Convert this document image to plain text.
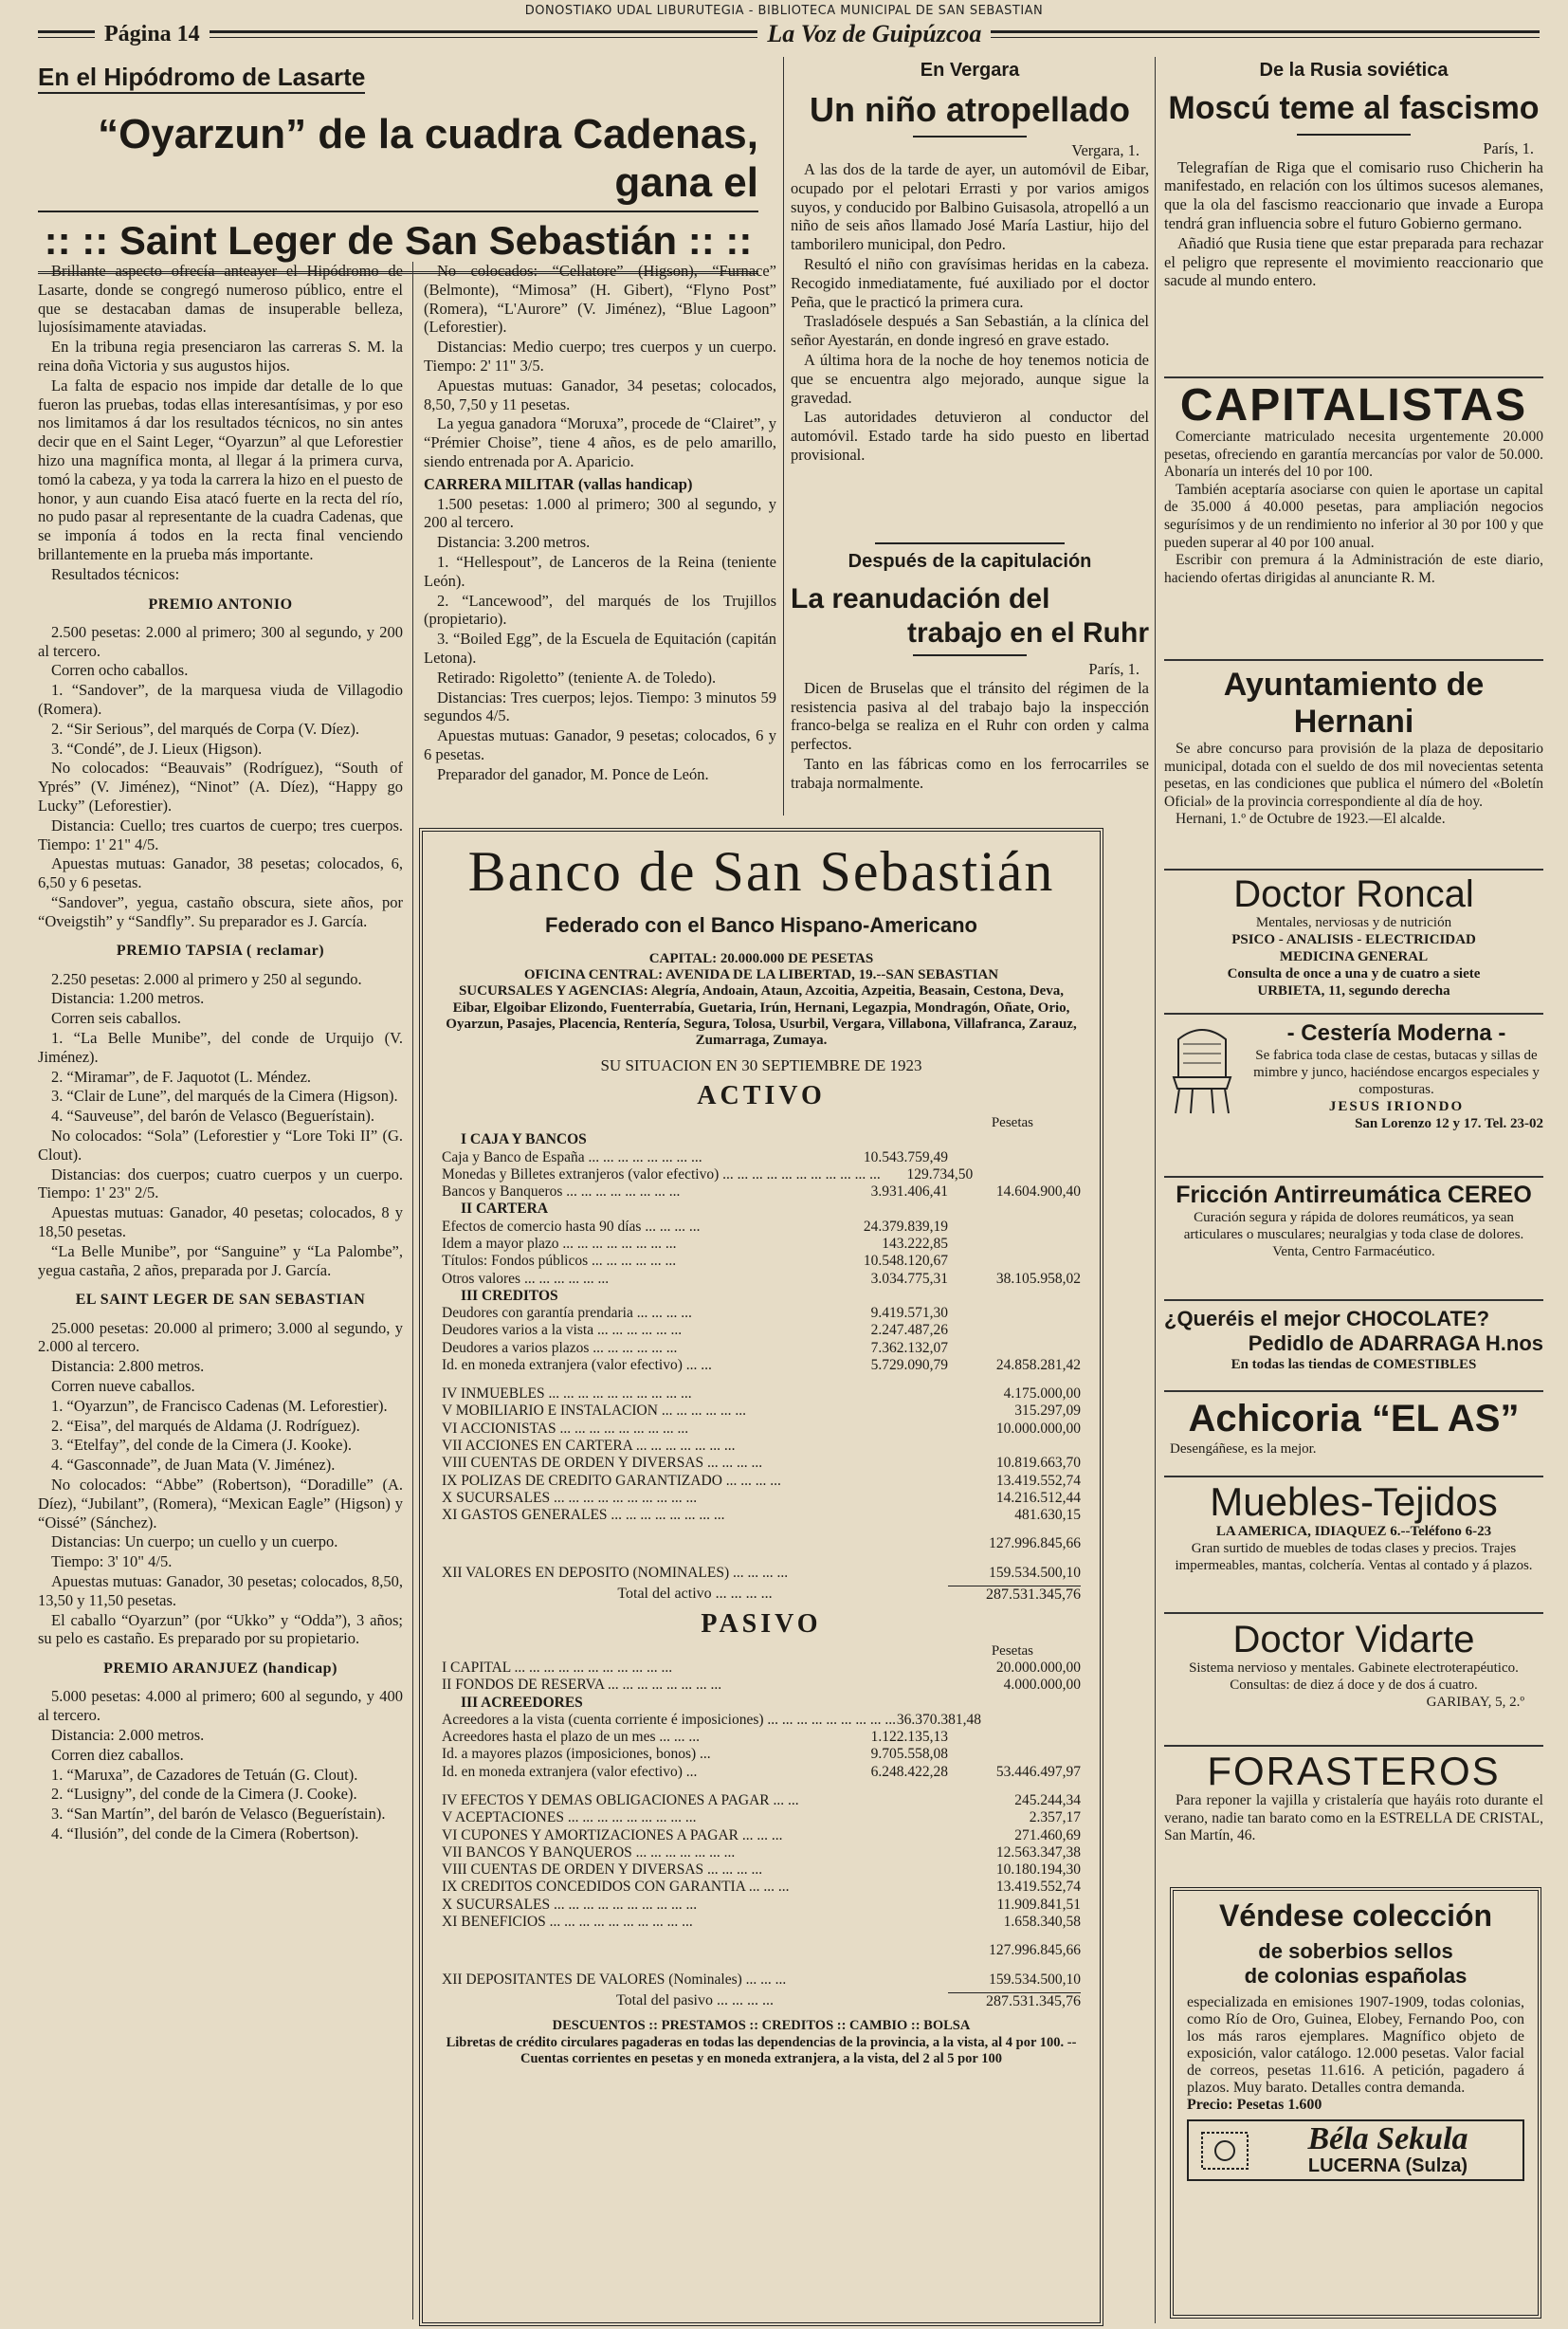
DONOSTIAKO UDAL LIBURUTEGIA - BIBLIOTECA MUNICIPAL DE SAN SEBASTIAN
Página 14	La Voz de Guipúzcoa
En el Hipódromo de Lasarte
“Oyarzun” de la cuadra Cadenas, gana el
:: :: Saint Leger de San Sebastián :: ::

Brillante aspecto ofrecía anteayer el Hipódromo de Lasarte, donde se congregó numeroso público, entre el que se destacaban damas de insuperable belleza, lujosísimamente ataviadas.

En la tribuna regia presenciaron las carreras S. M. la reina doña Victoria y sus augustos hijos.

La falta de espacio nos impide dar detalle de lo que fueron las pruebas, todas ellas interesantísimas, y por eso nos limitamos á dar los resultados técnicos, no sin antes decir que en el Saint Leger, “Oyarzun” al que Leforestier hizo una magnífica monta, al llegar á la primera curva, tomó la cabeza, y ya toda la carrera la hizo en el puesto de honor, y aun cuando Eisa atacó fuerte en la recta del río, no pudo pasar al representante de la cuadra Cadenas, que se imponía á todos en la recta final venciendo brillantemente en la prueba más importante.

Resultados técnicos:

PREMIO ANTONIO

2.500 pesetas: 2.000 al primero; 300 al segundo, y 200 al tercero.

Corren ocho caballos.

1. “Sandover”, de la marquesa viuda de Villagodio (Romera).

2. “Sir Serious”, del marqués de Corpa (V. Díez).

3. “Condé”, de J. Lieux (Higson).

No colocados: “Beauvais” (Rodríguez), “South of Yprés” (V. Jiménez), “Ninot” (A. Díez), “Happy go Lucky” (Leforestier).

Distancia: Cuello; tres cuartos de cuerpo; tres cuerpos. Tiempo: 1' 21" 4/5.

Apuestas mutuas: Ganador, 38 pesetas; colocados, 6, 6,50 y 6 pesetas.

“Sandover”, yegua, castaño obscura, siete años, por “Oveigstih” y “Sandfly”. Su preparador es J. García.

PREMIO TAPSIA ( reclamar)

2.250 pesetas: 2.000 al primero y 250 al segundo.

Distancia: 1.200 metros.

Corren seis caballos.

1. “La Belle Munibe”, del conde de Urquijo (V. Jiménez).

2. “Miramar”, de F. Jaquotot (L. Méndez.

3. “Clair de Lune”, del marqués de la Cimera (Higson).

4. “Sauveuse”, del barón de Velasco (Beguerístain).

No colocados: “Sola” (Leforestier y “Lore Toki II” (G. Clout).

Distancias: dos cuerpos; cuatro cuerpos y un cuerpo. Tiempo: 1' 23" 2/5.

Apuestas mutuas: Ganador, 40 pesetas; colocados, 8 y 18,50 pesetas.

“La Belle Munibe”, por “Sanguine” y “La Palombe”, yegua castaña, 2 años, preparada por J. García.

EL SAINT LEGER DE SAN SEBASTIAN

25.000 pesetas: 20.000 al primero; 3.000 al segundo, y 2.000 al tercero.

Distancia: 2.800 metros.

Corren nueve caballos.

1. “Oyarzun”, de Francisco Cadenas (M. Leforestier).

2. “Eisa”, del marqués de Aldama (J. Rodríguez).

3. “Etelfay”, del conde de la Cimera (J. Kooke).

4. “Gasconnade”, de Juan Mata (V. Jiménez).

No colocados: “Abbe” (Robertson), “Doradille” (A. Díez), “Jubilant”, (Romera), “Mexican Eagle” (Higson) y “Oissé” (Sánchez).

Distancias: Un cuerpo; un cuello y un cuerpo.

Tiempo: 3' 10" 4/5.

Apuestas mutuas: Ganador, 30 pesetas; colocados, 8,50, 13,50 y 11,50 pesetas.

El caballo “Oyarzun” (por “Ukko” y “Odda”), 3 años; su pelo es castaño. Es preparado por su propietario.

PREMIO ARANJUEZ (handicap)

5.000 pesetas: 4.000 al primero; 600 al segundo, y 400 al tercero.

Distancia: 2.000 metros.

Corren diez caballos.

1. “Maruxa”, de Cazadores de Tetuán (G. Clout).

2. “Lusigny”, del conde de la Cimera (J. Cooke).

3. “San Martín”, del barón de Velasco (Beguerístain).

4. “Ilusión”, del conde de la Cimera (Robertson).

No colocados: “Cellatore” (Higson), “Furnace” (Belmonte), “Mimosa” (H. Gibert), “Flyno Post” (Romera), “L'Aurore” (V. Jiménez), “Blue Lagoon” (Leforestier).

Distancias: Medio cuerpo; tres cuerpos y un cuerpo. Tiempo: 2' 11" 3/5.

Apuestas mutuas: Ganador, 34 pesetas; colocados, 8,50, 7,50 y 11 pesetas.

La yegua ganadora “Moruxa”, procede de “Clairet”, y “Prémier Choise”, tiene 4 años, es de pelo amarillo, siendo entrenada por A. Aparicio.

CARRERA MILITAR (vallas handicap)

1.500 pesetas: 1.000 al primero; 300 al segundo, y 200 al tercero.

Distancia: 3.200 metros.

1. “Hellespout”, de Lanceros de la Reina (teniente León).

2. “Lancewood”, del marqués de los Trujillos (propietario).

3. “Boiled Egg”, de la Escuela de Equitación (capitán Letona).

Retirado: Rigoletto” (teniente A. de Toledo).

Distancias: Tres cuerpos; lejos. Tiempo: 3 minutos 59 segundos 4/5.

Apuestas mutuas: Ganador, 9 pesetas; colocados, 6 y 6 pesetas.

Preparador del ganador, M. Ponce de León.

En Vergara
Un niño atropellado
Vergara, 1.

A las dos de la tarde de ayer, un automóvil de Eibar, ocupado por el pelotari Errasti y por varios amigos suyos, y conducido por Balbino Guisasola, atropelló a un niño de seis años llamado José María Lastiur, hijo del tamborilero municipal, don Pedro.

Resultó el niño con gravísimas heridas en la cabeza. Recogido inmediatamente, fué auxiliado por el doctor Peña, que le practicó la primera cura.

Trasladósele después a San Sebastián, a la clínica del señor Ayestarán, en donde ingresó en grave estado.

A última hora de la noche de hoy tenemos noticia de que se encuentra algo mejorado, aunque sigue la gravedad.

Las autoridades detuvieron al conductor del automóvil. Estado tarde ha sido puesto en libertad provisional.

Después de la capitulación
La reanudación del
trabajo en el Ruhr
París, 1.

Dicen de Bruselas que el tránsito del régimen de la resistencia pasiva al del trabajo bajo la inspección franco-belga se realiza en el Ruhr con orden y calma perfectos.

Tanto en las fábricas como en los ferrocarriles se trabaja normalmente.

De la Rusia soviética
Moscú teme al fascismo
París, 1.

Telegrafían de Riga que el comisario ruso Chicherin ha manifestado, en relación con los últimos sucesos alemanes, que la ola del fascismo reaccionario que invade a Europa tendrá gran influencia sobre el futuro Gobierno germano.

Añadió que Rusia tiene que estar preparada para rechazar el peligro que represente el movimiento reaccionario que sacude al mundo entero.

Banco de San Sebastián
Federado con el Banco Hispano-Americano
CAPITAL: 20.000.000 DE PESETAS
OFICINA CENTRAL: AVENIDA DE LA LIBERTAD, 19.--SAN SEBASTIAN
SUCURSALES Y AGENCIAS: Alegría, Andoain, Ataun, Azcoitia, Azpeitia, Beasain, Cestona, Deva, Eibar, Elgoibar Elizondo, Fuenterrabía, Guetaria, Irún, Hernani, Legazpia, Mondragón, Oñate, Orio, Oyarzun, Pasajes, Placencia, Rentería, Segura, Tolosa, Usurbil, Vergara, Villabona, Villafranca, Zarauz, Zumarraga, Zumaya.
SU SITUACION EN 30 SEPTIEMBRE DE 1923
ACTIVO
Pesetas
I CAJA Y BANCOS
Caja y Banco de España ... ... ... ... ... ... ... ...	10.543.759,49
Monedas y Billetes extranjeros (valor efectivo) ... ... ... ... ... ... ... ... ... ... ...	129.734,50
Bancos y Banqueros ... ... ... ... ... ... ... ...	3.931.406,41	14.604.900,40
II CARTERA
Efectos de comercio hasta 90 días ... ... ... ...	24.379.839,19
Idem a mayor plazo ... ... ... ... ... ... ... ...	143.222,85
Títulos: Fondos públicos ... ... ... ... ... ...	10.548.120,67
Otros valores ... ... ... ... ... ...	3.034.775,31	38.105.958,02
III CREDITOS
Deudores con garantía prendaria ... ... ... ...	9.419.571,30
Deudores varios a la vista ... ... ... ... ... ...	2.247.487,26
Deudores a varios plazos ... ... ... ... ... ...	7.362.132,07
Id. en moneda extranjera (valor efectivo) ... ...	5.729.090,79	24.858.281,42
IV INMUEBLES ... ... ... ... ... ... ... ... ... ...	4.175.000,00
V MOBILIARIO E INSTALACION ... ... ... ... ... ...	315.297,09
VI ACCIONISTAS ... ... ... ... ... ... ... ... ...	10.000.000,00
VII ACCIONES EN CARTERA ... ... ... ... ... ... ...
VIII CUENTAS DE ORDEN Y DIVERSAS ... ... ... ...	10.819.663,70
IX POLIZAS DE CREDITO GARANTIZADO ... ... ... ...	13.419.552,74
X SUCURSALES ... ... ... ... ... ... ... ... ... ...	14.216.512,44
XI GASTOS GENERALES ... ... ... ... ... ... ... ...	481.630,15
127.996.845,66
XII VALORES EN DEPOSITO (NOMINALES) ... ... ... ...	159.534.500,10
Total del activo ... ... ... ...	287.531.345,76
PASIVO
Pesetas
I CAPITAL ... ... ... ... ... ... ... ... ... ... ...	20.000.000,00
II FONDOS DE RESERVA ... ... ... ... ... ... ... ...	4.000.000,00
III ACREEDORES
Acreedores a la vista (cuenta corriente é imposiciones) ... ... ... ... ... ... ... ... ... 36.370.381,48
Acreedores hasta el plazo de un mes ... ... ...	1.122.135,13
Id. a mayores plazos (imposiciones, bonos) ...	9.705.558,08
Id. en moneda extranjera (valor efectivo) ...	6.248.422,28	53.446.497,97
IV EFECTOS Y DEMAS OBLIGACIONES A PAGAR ... ...	245.244,34
V ACEPTACIONES ... ... ... ... ... ... ... ... ...	2.357,17
VI CUPONES Y AMORTIZACIONES A PAGAR ... ... ...	271.460,69
VII BANCOS Y BANQUEROS ... ... ... ... ... ... ...	12.563.347,38
VIII CUENTAS DE ORDEN Y DIVERSAS ... ... ... ...	10.180.194,30
IX CREDITOS CONCEDIDOS CON GARANTIA ... ... ...	13.419.552,74
X SUCURSALES ... ... ... ... ... ... ... ... ... ...	11.909.841,51
XI BENEFICIOS ... ... ... ... ... ... ... ... ... ...	1.658.340,58
127.996.845,66
XII DEPOSITANTES DE VALORES (Nominales) ... ... ...	159.534.500,10
Total del pasivo ... ... ... ...	287.531.345,76
DESCUENTOS :: PRESTAMOS :: CREDITOS :: CAMBIO :: BOLSA
Libretas de crédito circulares pagaderas en todas las dependencias de la provincia, a la vista, al 4 por 100. -- Cuentas corrientes en pesetas y en moneda extranjera, a la vista, del 2 al 5 por 100
CAPITALISTAS

Comerciante matriculado necesita urgentemente 20.000 pesetas, ofreciendo en garantía mercancías por valor de 50.000. Abonaría un interés del 10 por 100.

También aceptaría asociarse con quien le aportase un capital de 35.000 á 40.000 pesetas, para ampliación negocios segurísimos y de un rendimiento no inferior al 30 por 100 y que pueden superar al 40 por 100 anual.

Escribir con premura á la Administración de este diario, haciendo ofertas dirigidas al anunciante R. M.

Ayuntamiento de Hernani

Se abre concurso para provisión de la plaza de depositario municipal, dotada con el sueldo de dos mil novecientas setenta pesetas, en las condiciones que publica el número del «Boletín Oficial» de la provincia correspondiente al día de hoy.

Hernani, 1.º de Octubre de 1923.—El alcalde.

Doctor Roncal
Mentales, nerviosas y de nutrición
PSICO - ANALISIS - ELECTRICIDAD
MEDICINA GENERAL
Consulta de once a una y de cuatro a siete
URBIETA, 11, segundo derecha
- Cestería Moderna -
Se fabrica toda clase de cestas, butacas y sillas de mimbre y junco, haciéndose encargos especiales y composturas.
JESUS IRIONDO
San Lorenzo 12 y 17. Tel. 23-02
Fricción Antirreumática CEREO
Curación segura y rápida de dolores reumáticos, ya sean articulares o musculares; neuralgias y toda clase de dolores.
Venta, Centro Farmacéutico.
¿Queréis el mejor CHOCOLATE?
Pedidlo de ADARRAGA H.nos
En todas las tiendas de COMESTIBLES
Achicoria “EL AS”
Desengáñese, es la mejor.
Muebles-Tejidos
LA AMERICA, IDIAQUEZ 6.--Teléfono 6-23
Gran surtido de muebles de todas clases y precios. Trajes impermeables, mantas, colchería. Ventas al contado y á plazos.
Doctor Vidarte
Sistema nervioso y mentales. Gabinete electroterapéutico. Consultas: de diez á doce y de dos á cuatro.
GARIBAY, 5, 2.º
FORASTEROS

Para reponer la vajilla y cristalería que hayáis roto durante el verano, nadie tan barato como en la ESTRELLA DE CRISTAL, San Martín, 46.

Véndese colección
de soberbios sellos
de colonias españolas
especializada en emisiones 1907-1909, todas colonias, como Río de Oro, Guinea, Elobey, Fernando Poo, con los más raros ejemplares. Magnífico objeto de exposición, valor catálogo. 12.000 pesetas. Valor facial de correos, pesetas 11.616. A petición, pagadero á plazos. Muy barato. Detalles contra demanda.
Precio: Pesetas 1.600
Béla Sekula
LUCERNA (Sulza)
